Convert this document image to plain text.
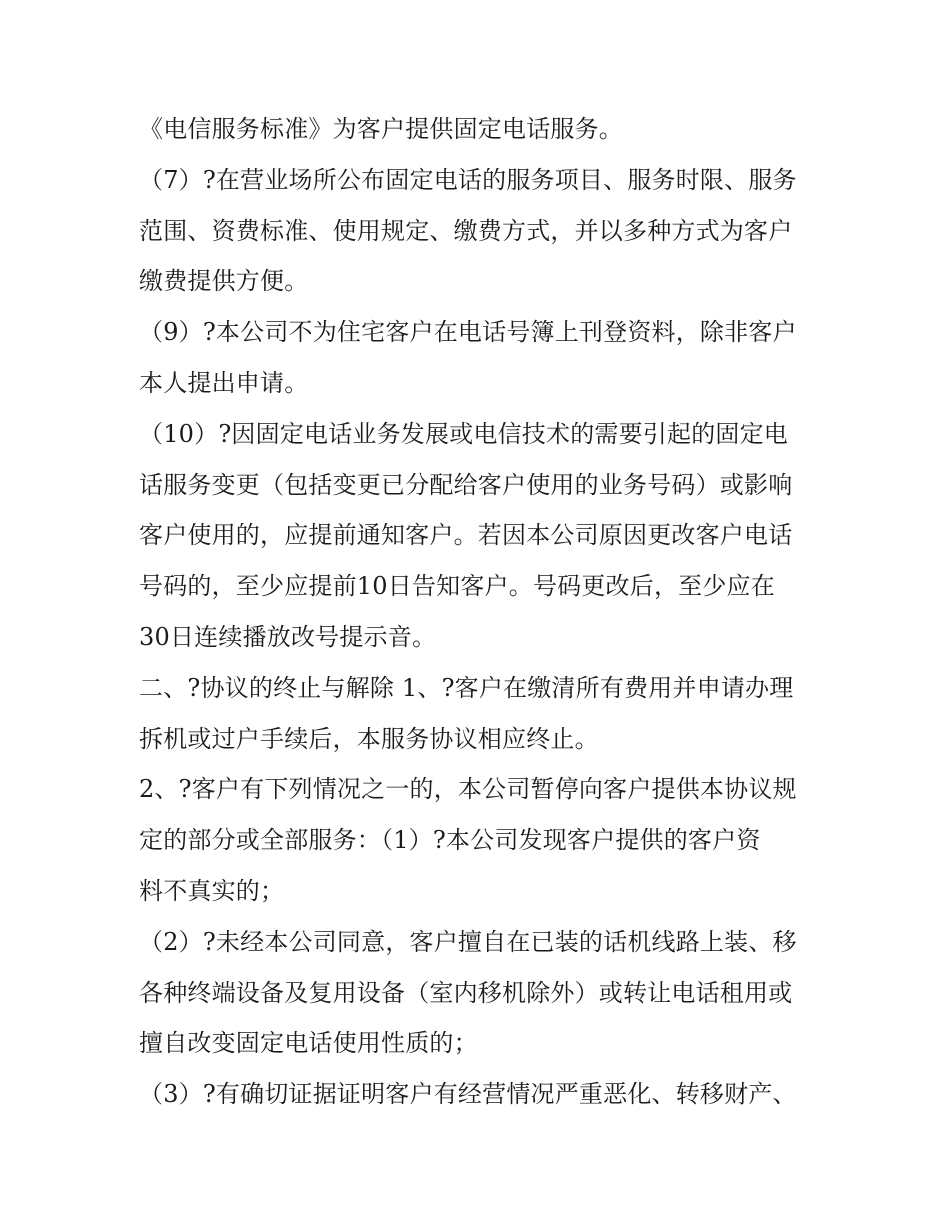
《电信服务标准》为客户提供固定电话服务。
（7）?在营业场所公布固定电话的服务项目、服务时限、服务
范围、资费标准、使用规定、缴费方式，并以多种方式为客户
缴费提供方便。
（9）?本公司不为住宅客户在电话号簿上刊登资料，除非客户
本人提出申请。
（10）?因固定电话业务发展或电信技术的需要引起的固定电
话服务变更（包括变更已分配给客户使用的业务号码）或影响
客户使用的，应提前通知客户。若因本公司原因更改客户电话
号码的，至少应提前10日告知客户。号码更改后，至少应在
30日连续播放改号提示音。
二、?协议的终止与解除 1、?客户在缴清所有费用并申请办理
拆机或过户手续后，本服务协议相应终止。
2、?客户有下列情况之一的，本公司暂停向客户提供本协议规
定的部分或全部服务：（1）?本公司发现客户提供的客户资
料不真实的；
（2）?未经本公司同意，客户擅自在已装的话机线路上装、移
各种终端设备及复用设备（室内移机除外）或转让电话租用或
擅自改变固定电话使用性质的；
（3）?有确切证据证明客户有经营情况严重恶化、转移财产、
